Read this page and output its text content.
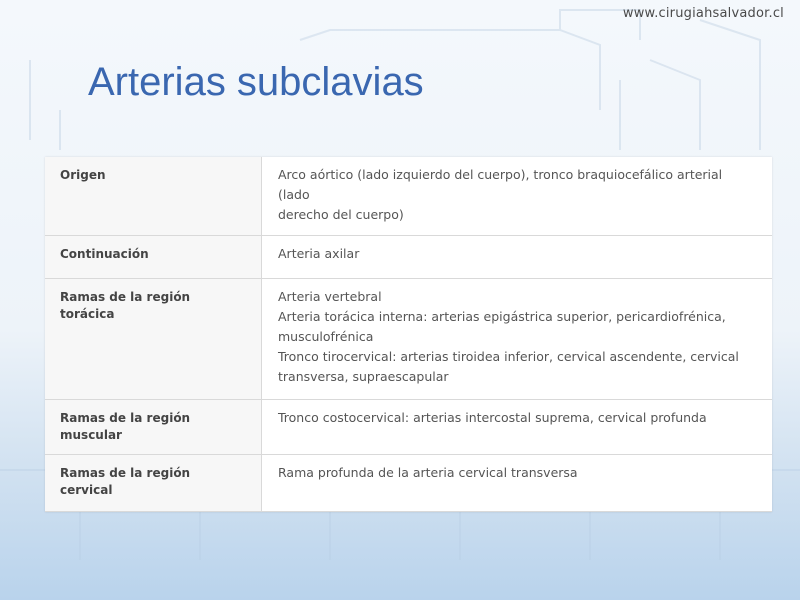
www.cirugiahsalvador.cl
Arterias subclavias
Origen	Arco aórtico (lado izquierdo del cuerpo), tronco braquiocefálico arterial (lado
derecho del cuerpo)

Continuación	Arteria axilar

Ramas de la región torácica	Arteria vertebral
Arteria torácica interna: arterias epigástrica superior, pericardiofrénica,
musculofrénica
Tronco tirocervical: arterias tiroidea inferior, cervical ascendente, cervical
transversa, supraescapular

Ramas de la región muscular	Tronco costocervical: arterias intercostal suprema, cervical profunda

Ramas de la región cervical	Rama profunda de la arteria cervical transversa
